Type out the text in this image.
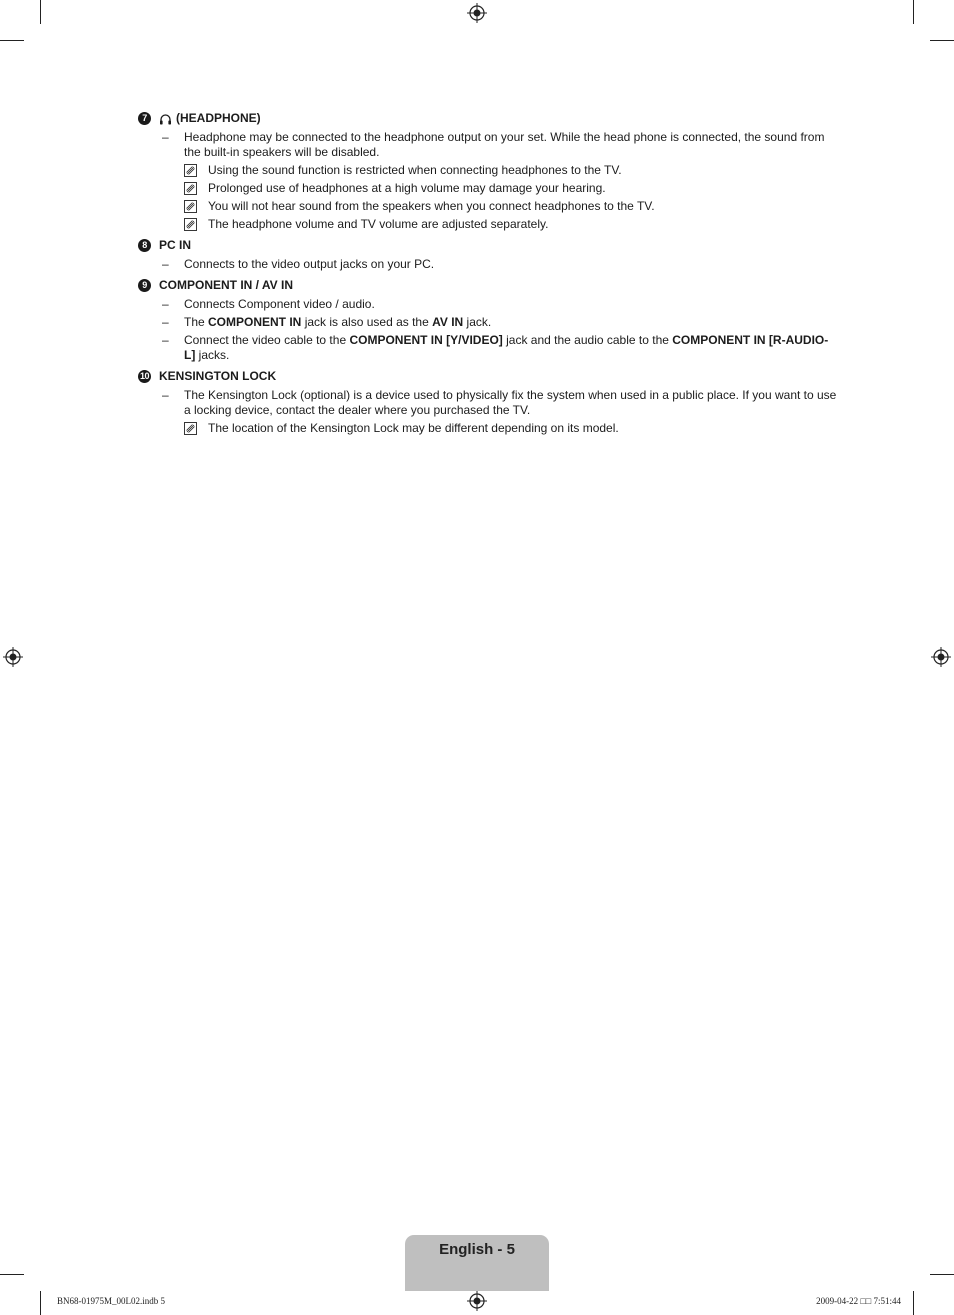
7	(HEADPHONE)
– Headphone may be connected to the headphone output on your set. While the head phone is connected, the sound from the built-in speakers will be disabled.
Using the sound function is restricted when connecting headphones to the TV.
Prolonged use of headphones at a high volume may damage your hearing.
You will not hear sound from the speakers when you connect headphones to the TV.
The headphone volume and TV volume are adjusted separately.
8	PC IN
– Connects to the video output jacks on your PC.
9	COMPONENT IN / AV IN
– Connects Component video / audio.
– The COMPONENT IN jack is also used as the AV IN jack.
– Connect the video cable to the COMPONENT IN [Y/VIDEO] jack and the audio cable to the COMPONENT IN [R-AUDIO-L] jacks.
10 KENSINGTON LOCK
– The Kensington Lock (optional) is a device used to physically fix the system when used in a public place. If you want to use a locking device, contact the dealer where you purchased the TV.
The location of the Kensington Lock may be different depending on its model.
English - 5
BN68-01975M_00L02.indb 5	2009-04-22 □□ 7:51:44
